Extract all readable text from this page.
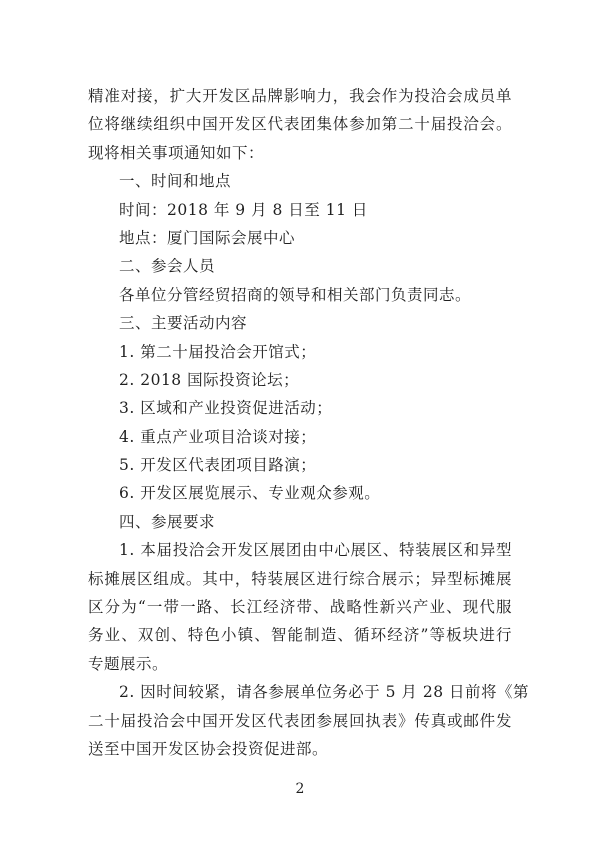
精准对接，扩大开发区品牌影响力，我会作为投洽会成员单
位将继续组织中国开发区代表团集体参加第二十届投洽会。
现将相关事项通知如下：
一、时间和地点
时间：2018 年 9 月 8 日至 11 日
地点：厦门国际会展中心
二、参会人员
各单位分管经贸招商的领导和相关部门负责同志。
三、主要活动内容
1. 第二十届投洽会开馆式；
2. 2018 国际投资论坛；
3. 区域和产业投资促进活动；
4. 重点产业项目洽谈对接；
5. 开发区代表团项目路演；
6. 开发区展览展示、专业观众参观。
四、参展要求
1. 本届投洽会开发区展团由中心展区、特装展区和异型
标摊展区组成。其中，特装展区进行综合展示；异型标摊展
区分为“一带一路、长江经济带、战略性新兴产业、现代服
务业、双创、特色小镇、智能制造、循环经济”等板块进行
专题展示。
2. 因时间较紧，请各参展单位务必于 5 月 28 日前将《第
二十届投洽会中国开发区代表团参展回执表》传真或邮件发
送至中国开发区协会投资促进部。
2
